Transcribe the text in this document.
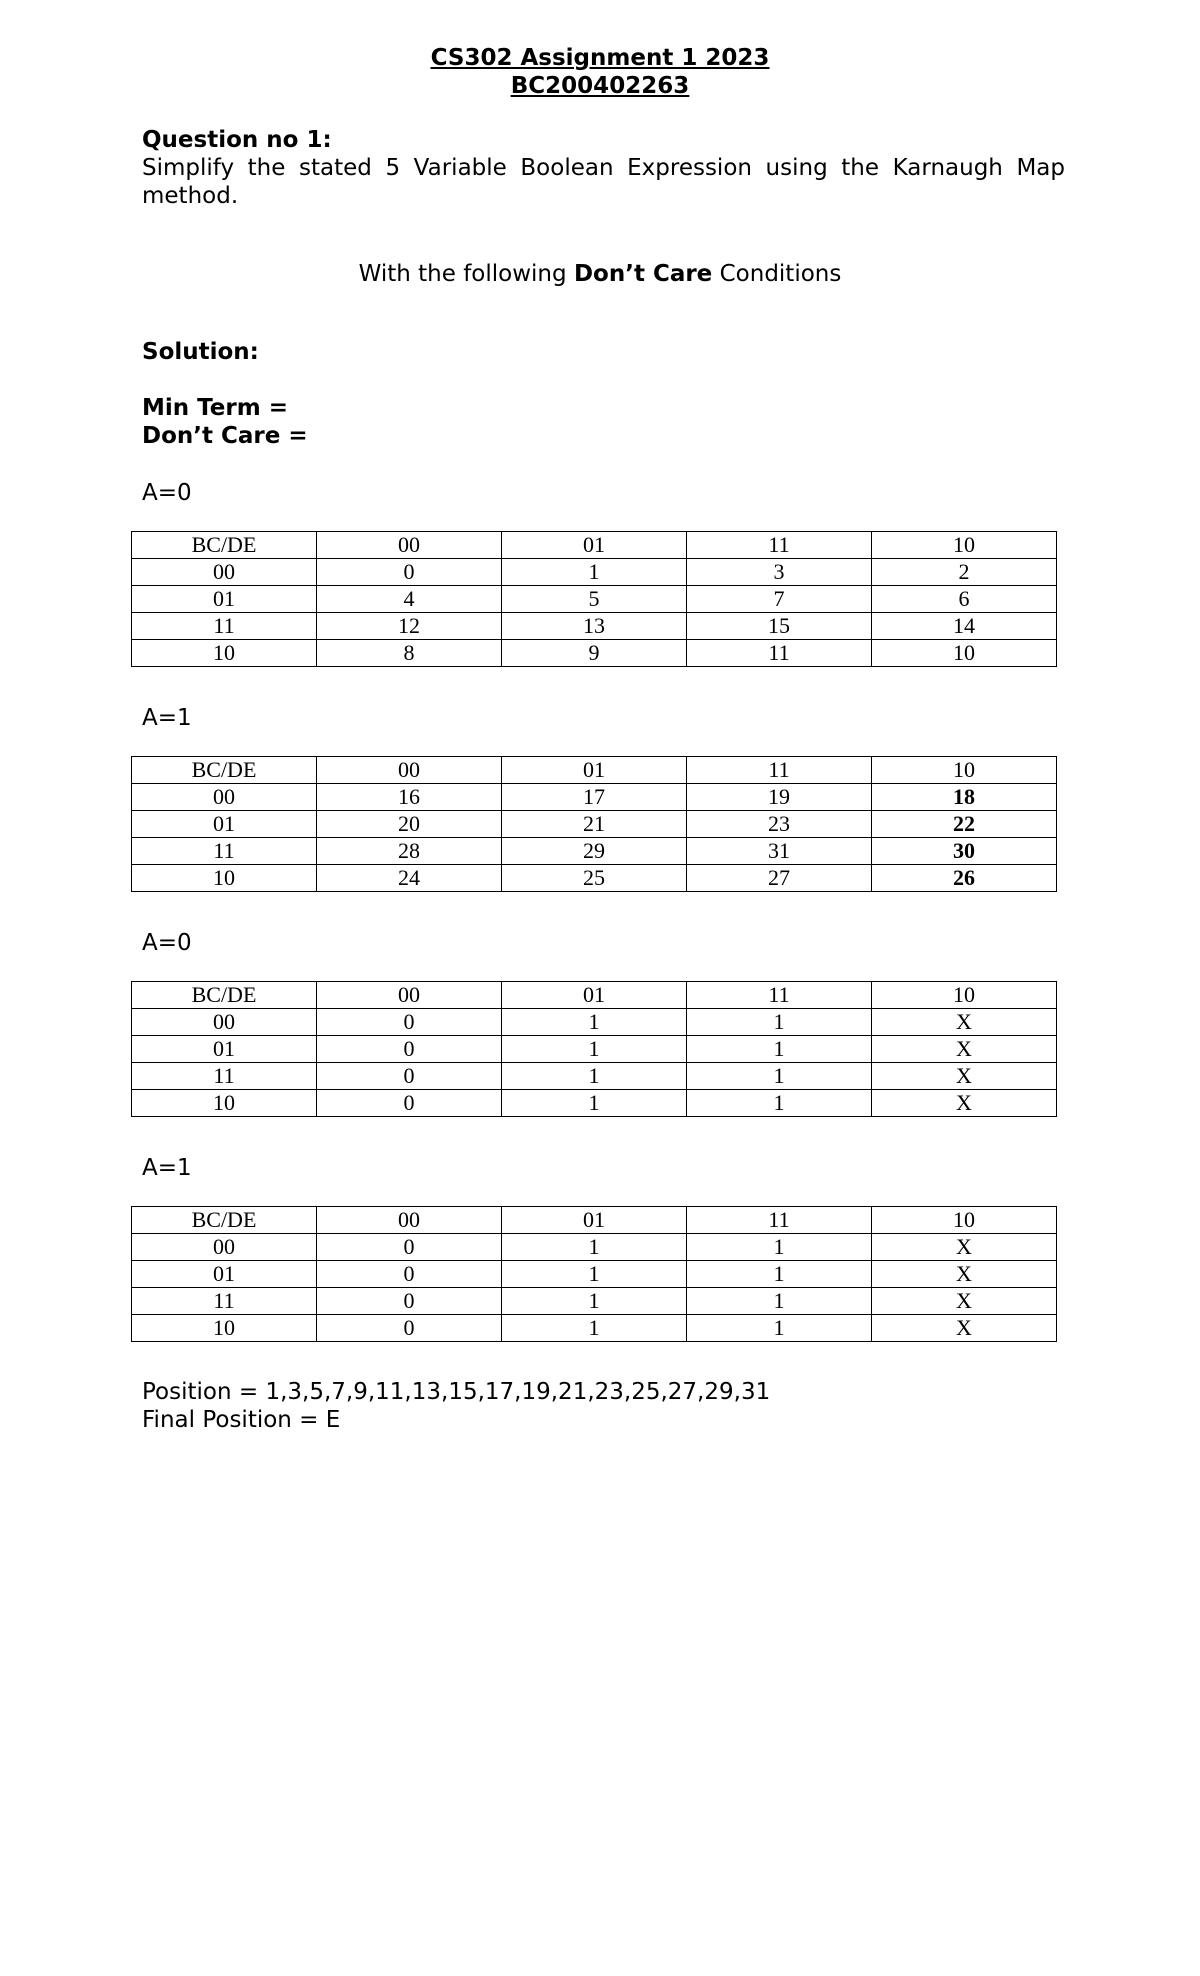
CS302 Assignment 1 2023
BC200402263
Question no 1:
Simplify the stated 5 Variable Boolean Expression using the Karnaugh Map method.
With the following Don’t Care Conditions
Solution:
Min Term =
Don’t Care =
A=0
BC/DE	00	01	11	10
00	0	1	3	2
01	4	5	7	6
11	12	13	15	14
10	8	9	11	10
A=1
BC/DE	00	01	11	10
00	16	17	19	18
01	20	21	23	22
11	28	29	31	30
10	24	25	27	26
A=0
BC/DE	00	01	11	10
00	0	1	1	X
01	0	1	1	X
11	0	1	1	X
10	0	1	1	X
A=1
BC/DE	00	01	11	10
00	0	1	1	X
01	0	1	1	X
11	0	1	1	X
10	0	1	1	X
Position = 1,3,5,7,9,11,13,15,17,19,21,23,25,27,29,31
Final Position = E
